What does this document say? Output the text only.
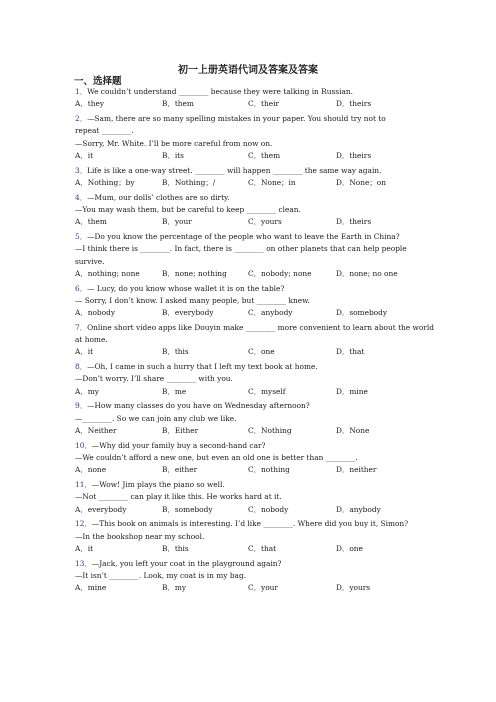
初一上册英语代词及答案及答案
一、选择题
1．We couldn’t understand ________ because they were talking in Russian.
A．they	B．them	C．their	D．theirs
2．—Sam, there are so many spelling mistakes in your paper. You should try not to
repeat ________.
—Sorry, Mr. White. I’ll be more careful from now on.
A．it	B．its	C．them	D．theirs
3．Life is like a one-way street. ________ will happen ________ the same way again.
A．Nothing；by	B．Nothing；/	C．None；in	D．None；on
4．—Mum, our dolls’ clothes are so dirty.
—You may wash them, but be careful to keep ________ clean.
A．them	B．your	C．yours	D．theirs
5．—Do you know the percentage of the people who want to leave the Earth in China?
—I think there is ________. In fact, there is ________ on other planets that can help people
survive.
A．nothing; none	B．none; nothing	C．nobody; none	D．none; no one
6．— Lucy, do you know whose wallet it is on the table?
— Sorry, I don’t know. I asked many people, but ________ knew.
A．nobody	B．everybody	C．anybody	D．somebody
7．Online short video apps like Douyin make ________ more convenient to learn about the world
at home.
A．it	B．this	C．one	D．that
8．—Oh, I came in such a hurry that I left my text book at home.
—Don’t worry. I’ll share ________ with you.
A．my	B．me	C．myself	D．mine
9．—How many classes do you have on Wednesday afternoon?
—________. So we can join any club we like.
A．Neither	B．Either	C．Nothing	D．None
10．—Why did your family buy a second-hand car?
—We couldn’t afford a new one, but even an old one is better than ________.
A．none	B．either	C．nothing	D．neither
11．—Wow! Jim plays the piano so well.
—Not ________ can play it like this. He works hard at it.
A．everybody	B．somebody	C．nobody	D．anybody
12．—This book on animals is interesting. I’d like ________. Where did you buy it, Simon?
—In the bookshop near my school.
A．it	B．this	C．that	D．one
13．—Jack, you left your coat in the playground again?
—It isn’t ________. Look, my coat is in my bag.
A．mine	B．my	C．your	D．yours
